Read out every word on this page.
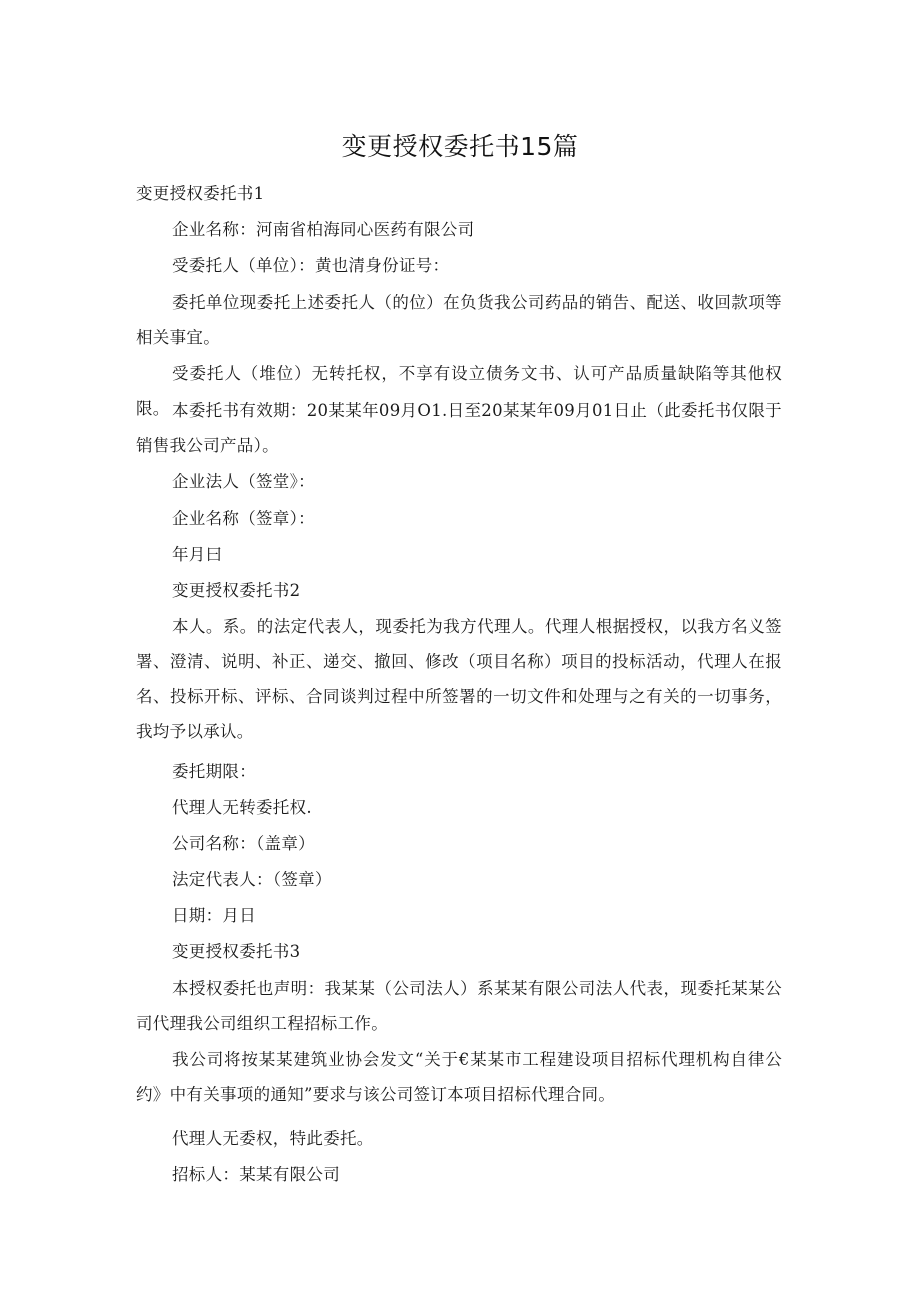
变更授权委托书15篇

变更授权委托书1

企业名称：河南省柏海同心医药有限公司

受委托人（单位）：黄也清身份证号：

委托单位现委托上述委托人（的位）在负货我公司药品的销告、配送、收回款项等相关事宜。

受委托人（堆位）无转托权，不享有设立债务文书、认可产品质量缺陷等其他权限。 本委托书有效期：20某某年09月O1.日至20某某年09月01日止（此委托书仅限于销售我公司产品）。

企业法人（签堂》：

企业名称（签章）：

年月曰

变更授权委托书2

本人。系。的法定代表人，现委托为我方代理人。代理人根据授权，以我方名义签署、澄清、说明、补正、递交、撤回、修改（项目名称）项目的投标活动，代理人在报名、投标开标、评标、合同谈判过程中所签署的一切文件和处理与之有关的一切事务，我均予以承认。

委托期限：

代理人无转委托权.

公司名称：（盖章）

法定代表人：（签章）

日期：月日

变更授权委托书3

本授权委托也声明：我某某（公司法人）系某某有限公司法人代表，现委托某某公司代理我公司组织工程招标工作。

我公司将按某某建筑业协会发文“关于€某某市工程建设项目招标代理机构自律公约》中有关事项的通知”要求与该公司签订本项目招标代理合同。

代理人无委权，特此委托。

招标人：某某有限公司
